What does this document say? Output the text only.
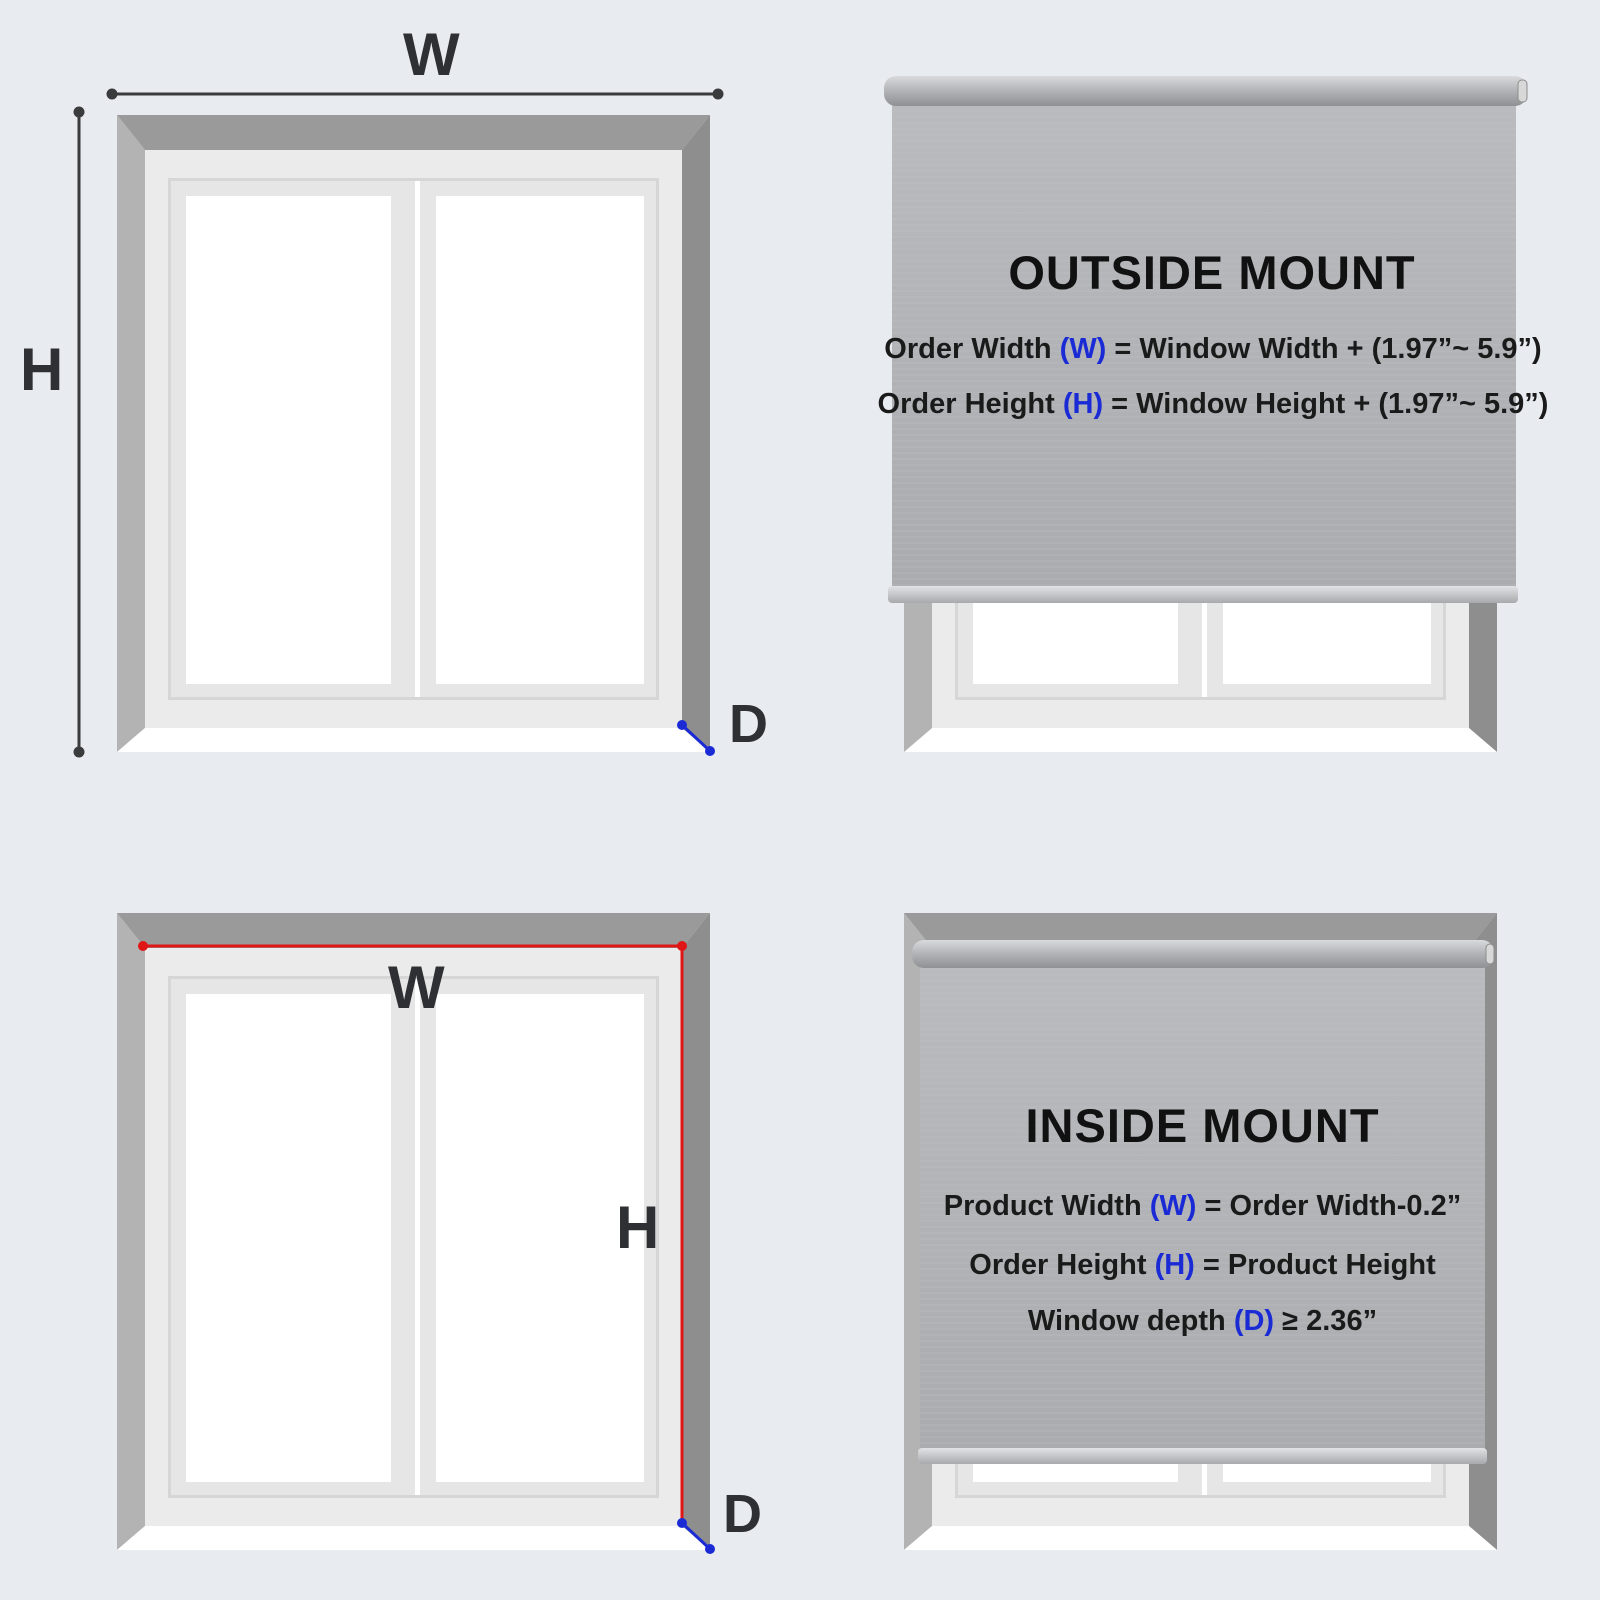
W
H
D
OUTSIDE MOUNT
Order Width (W) = Window Width + (1.97”~ 5.9”)
Order Height (H) = Window Height + (1.97”~ 5.9”)
W
H
D
INSIDE MOUNT
Product Width (W) = Order Width-0.2”
Order Height (H) = Product Height
Window depth (D) ≥ 2.36”
